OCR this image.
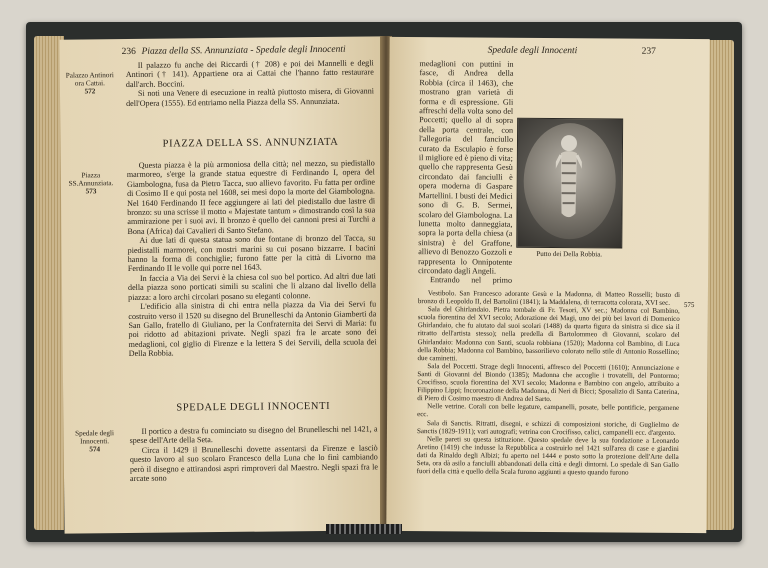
236 Piazza della SS. Annunziata - Spedale degli Innocenti
Palazzo Antinori ora Cattai.
572
Piazza SS.Annunziata.
573
Spedale degli Innocenti.
574

Il palazzo fu anche dei Riccardi († 208) e poi dei Mannelli e degli Antinori († 141). Appartiene ora ai Cattai che l'hanno fatto restaurare dall'arch. Boccini.

Si noti una Venere di esecuzione in realtà piuttosto misera, di Giovanni dell'Opera (1555). Ed entriamo nella Piazza della SS. Annunziata.

PIAZZA DELLA SS. ANNUNZIATA

Questa piazza è la più armoniosa della città; nel mezzo, su piedistallo marmoreo, s'erge la grande statua equestre di Ferdinando I, opera del Giambologna, fusa da Pietro Tacca, suo allievo favorito. Fu fatta per ordine di Cosimo II e qui posta nel 1608, sei mesi dopo la morte del Giambologna. Nel 1640 Ferdinando II fece aggiungere ai lati del piedistallo due lastre di bronzo: su una scrisse il motto « Majestate tantum » dimostrando così la sua ammirazione per i suoi avi. Il bronzo è quello dei cannoni presi ai Turchi a Bona (Africa) dai Cavalieri di Santo Stefano.

Ai due lati di questa statua sono due fontane di bronzo del Tacca, su piedistalli marmorei, con mostri marini su cui posano bizzarre. I bacini hanno la forma di conchiglie; furono fatte per la città di Livorno ma Ferdinando II le volle qui porre nel 1643.

In faccia a Via dei Servi è la chiesa col suo bel portico. Ad altri due lati della piazza sono porticati simili su scalini che li alzano dal livello della piazza: a loro archi circolari posano su eleganti colonne.

L'edificio alla sinistra di chi entra nella piazza da Via dei Servi fu costruito verso il 1520 su disegno del Brunelleschi da Antonio Giamberti da San Gallo, fratello di Giuliano, per la Confraternita dei Servi di Maria: fu poi ridotto ad abitazioni private. Negli spazi fra le arcate sono dei medaglioni, col giglio di Firenze e la lettera S dei Servili, della scuola dei Della Robbia.

SPEDALE DEGLI INNOCENTI

Il portico a destra fu cominciato su disegno del Brunelleschi nel 1421, a spese dell'Arte della Seta.

Circa il 1429 il Brunelleschi dovette assentarsi da Firenze e lasciò questo lavoro al suo scolaro Francesco della Luna che lo finì cambiando però il disegno e attirandosi aspri rimproveri dal Maestro. Negli spazi fra le arcate sono

Spedale degli Innocenti	237

medaglioni con puttini in fasce, di Andrea della Robbia (circa il 1463), che mostrano gran varietà di forma e di espressione. Gli affreschi della volta sono del Poccetti; quello al di sopra della porta centrale, con l'allegoria del fanciullo curato da Esculapio è forse il migliore ed è pieno di vita; quello che rappresenta Gesù circondato dai fanciulli è opera moderna di Gaspare Martellini. I busti dei Medici sono di G. B. Sermei, scolaro del Giambologna. La lunetta molto danneggiata, sopra la porta della chiesa (a sinistra) è del Graffone, allievo di Benozzo Gozzoli e rappresenta lo Onnipotente circondato dagli Angeli.

Entrando nel primo

Putto dei Della Robbia.

Vestibolo. San Francesco adorante Gesù e la Madonna, di Matteo Rosselli; busto di bronzo di Leopoldo II, del Bartolini (1841); la Maddalena, di terracotta colorata, XVI sec.

Sala del Ghirlandaio. Pietra tombale di Fr. Tesori, XV sec.; Madonna col Bambino, scuola fiorentina del XVI secolo; Adorazione dei Magi, uno dei più bei lavori di Domenico Ghirlandaio, che fu aiutato dal suoi scolari (1488) da quarta figura da sinistra si dice sia il ritratto dell'artista stesso); nella predella di Bartolommeo di Giovanni, scolaro del Ghirlandaio: Madonna con Santi, scuola robbiana (1520); Madonna col Bambino, di Luca della Robbia; Madonna col Bambino, bassorilievo colorato nello stile di Antonio Rossellino; due caminetti.

Sala del Poccetti. Strage degli Innocenti, affresco del Poccetti (1610); Annunciazione e Santi di Giovanni del Biondo (1385); Madonna che accoglie i trovatelli, del Pontormo; Crocifisso, scuola fiorentina del XVI secolo; Madonna e Bambino con angelo, attribuito a Filippino Lippi; Incoronazione della Madonna, di Neri di Bicci; Sposalizio di Santa Caterina, di Piero di Cosimo maestro di Andrea del Sarto.

Nelle vetrine. Corali con belle legature, campanelli, posate, belle pontificie, pergamene ecc.

Sala di Sanctis. Ritratti, disegni, e schizzi di composizioni storiche, di Guglielmo de Sanctis (1829-1911); vari autografi; vetrina con Crocifisso, calici, campanelli ecc. d'argento.

Nelle pareti su questa istituzione. Questo spedale deve la sua fondazione a Leonardo Aretino (1419) che indusse la Repubblica a costruirlo nel 1421 sull'area di case e giardini dati da Rinaldo degli Albizi; fu aperto nel 1444 e posto sotto la protezione dell'Arte della Seta, ora dà asilo a fanciulli abbandonati della città e degli dintorni. Lo spedale di San Gallo fuori della città e quello della Scala furono aggiunti a questo quando furono

575
